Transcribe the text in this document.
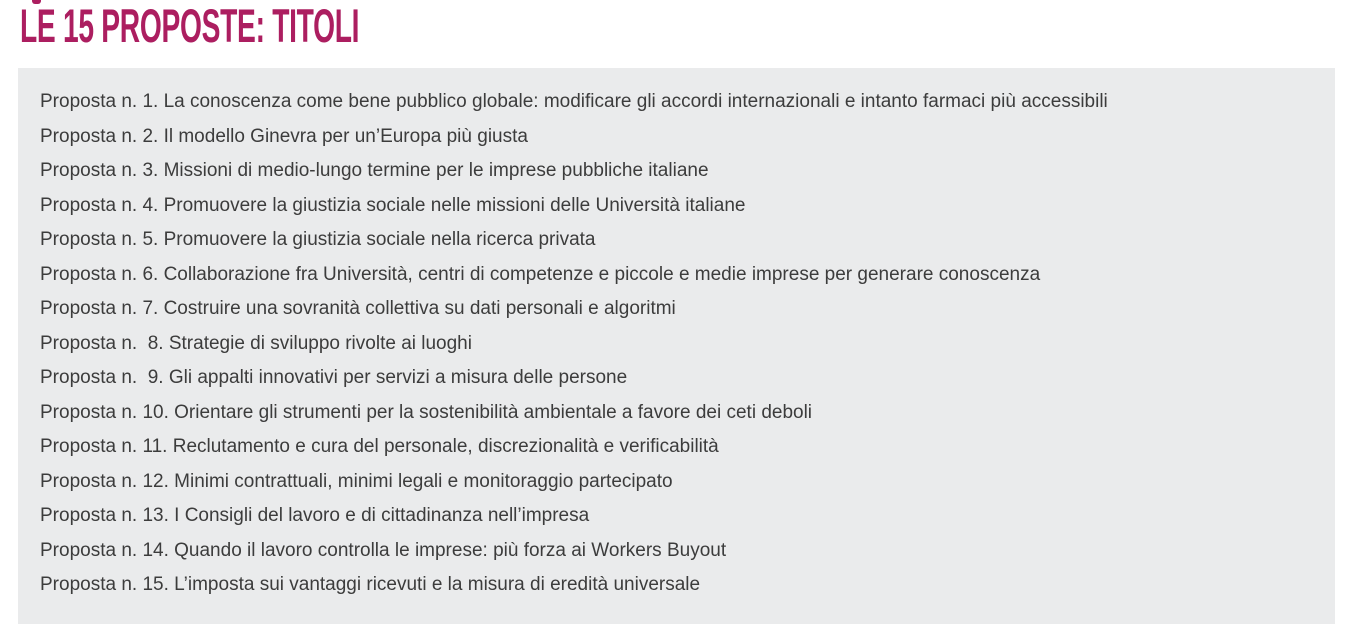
LE 15 PROPOSTE: TITOLI

Proposta n. 1. La conoscenza come bene pubblico globale: modificare gli accordi internazionali e intanto farmaci più accessibili

Proposta n. 2. Il modello Ginevra per un’Europa più giusta

Proposta n. 3. Missioni di medio-lungo termine per le imprese pubbliche italiane

Proposta n. 4. Promuovere la giustizia sociale nelle missioni delle Università italiane

Proposta n. 5. Promuovere la giustizia sociale nella ricerca privata

Proposta n. 6. Collaborazione fra Università, centri di competenze e piccole e medie imprese per generare conoscenza

Proposta n. 7. Costruire una sovranità collettiva su dati personali e algoritmi

Proposta n.  8. Strategie di sviluppo rivolte ai luoghi

Proposta n.  9. Gli appalti innovativi per servizi a misura delle persone

Proposta n. 10. Orientare gli strumenti per la sostenibilità ambientale a favore dei ceti deboli

Proposta n. 11. Reclutamento e cura del personale, discrezionalità e verificabilità

Proposta n. 12. Minimi contrattuali, minimi legali e monitoraggio partecipato

Proposta n. 13. I Consigli del lavoro e di cittadinanza nell’impresa

Proposta n. 14. Quando il lavoro controlla le imprese: più forza ai Workers Buyout

Proposta n. 15. L’imposta sui vantaggi ricevuti e la misura di eredità universale
